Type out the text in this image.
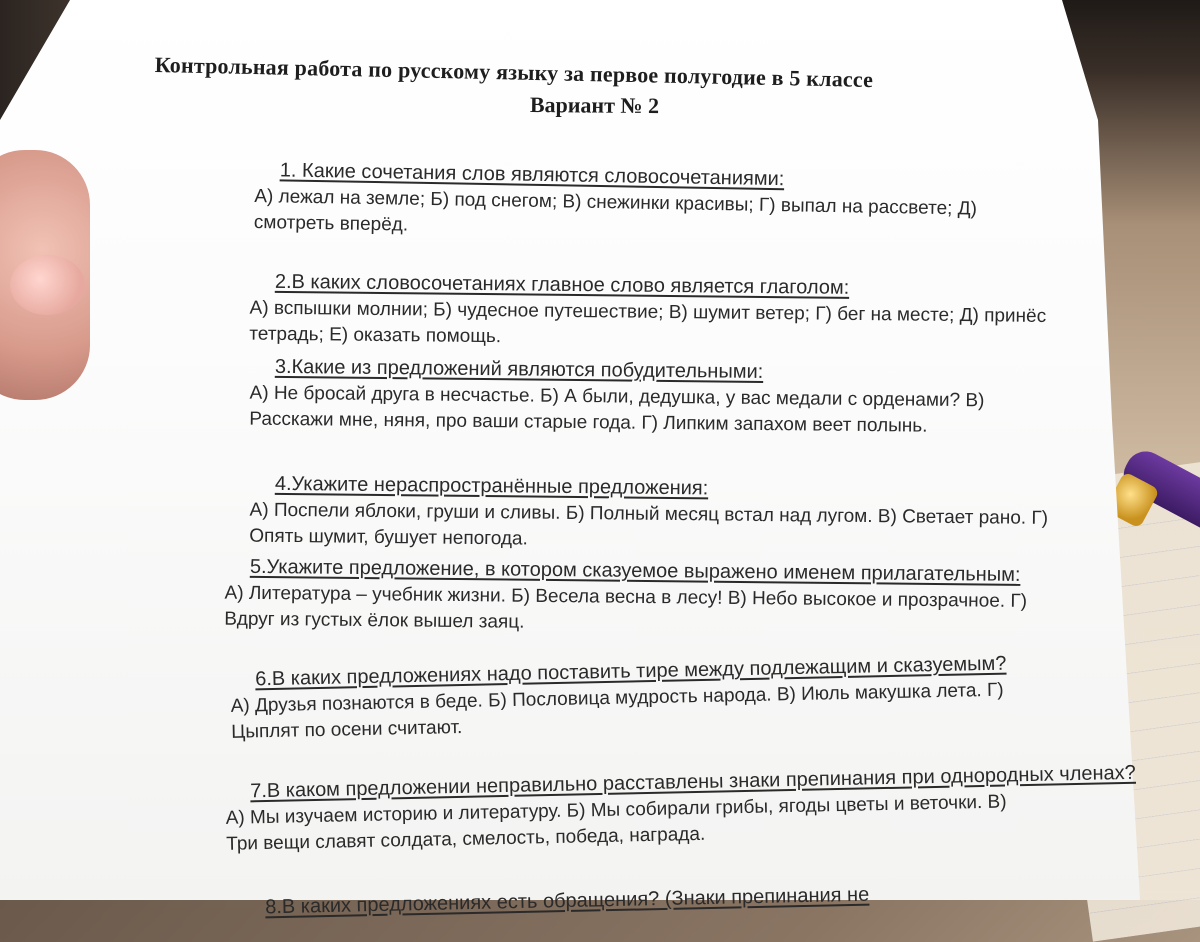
Контрольная работа по русскому языку за первое полугодие в 5 классе
Вариант № 2
1. Какие сочетания слов являются словосочетаниями:
А) лежал на земле; Б) под снегом; В) снежинки красивы; Г) выпал на рассвете; Д) смотреть вперёд.
2.В каких словосочетаниях главное слово является глаголом:
А) вспышки молнии; Б) чудесное путешествие; В) шумит ветер; Г) бег на месте; Д) принёс тетрадь; Е) оказать помощь.
3.Какие из предложений являются побудительными:
А) Не бросай друга в несчастье. Б) А были, дедушка, у вас медали с орденами? В) Расскажи мне, няня, про ваши старые года. Г) Липким запахом веет полынь.
4.Укажите нераспространённые предложения:
А) Поспели яблоки, груши и сливы. Б) Полный месяц встал над лугом. В) Светает рано. Г) Опять шумит, бушует непогода.
5.Укажите предложение, в котором сказуемое выражено именем прилагательным:
А) Литература – учебник жизни. Б) Весела весна в лесу! В) Небо высокое и прозрачное. Г) Вдруг из густых ёлок вышел заяц.
6.В каких предложениях надо поставить тире между подлежащим и сказуемым?
А) Друзья познаются в беде. Б) Пословица мудрость народа. В) Июль макушка лета. Г) Цыплят по осени считают.
7.В каком предложении неправильно расставлены знаки препинания при однородных членах?
А) Мы изучаем историю и литературу. Б) Мы собирали грибы, ягоды цветы и веточки. В) Три вещи славят солдата, смелость, победа, награда.
8.В каких предложениях есть обращения? (Знаки препинания не
